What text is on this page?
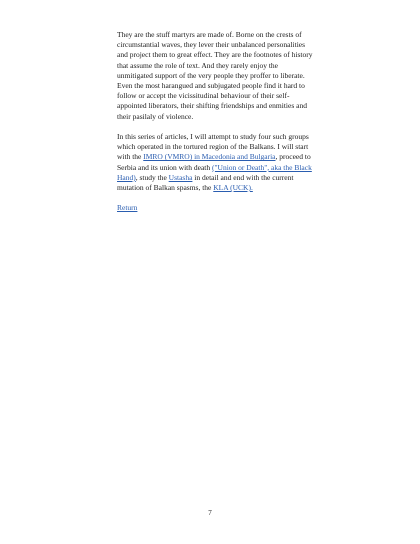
They are the stuff martyrs are made of. Borne on the crests of circumstantial waves, they lever their unbalanced personalities and project them to great effect. They are the footnotes of history that assume the role of text. And they rarely enjoy the unmitigated support of the very people they proffer to liberate. Even the most harangued and subjugated people find it hard to follow or accept the vicissitudinal behaviour of their self-appointed liberators, their shifting friendships and enmities and their pasilaly of violence.

In this series of articles, I will attempt to study four such groups which operated in the tortured region of the Balkans. I will start with the IMRO (VMRO) in Macedonia and Bulgaria, proceed to Serbia and its union with death ("Union or Death", aka the Black Hand), study the Ustasha in detail and end with the current mutation of Balkan spasms, the KLA (UCK).

Return

7
